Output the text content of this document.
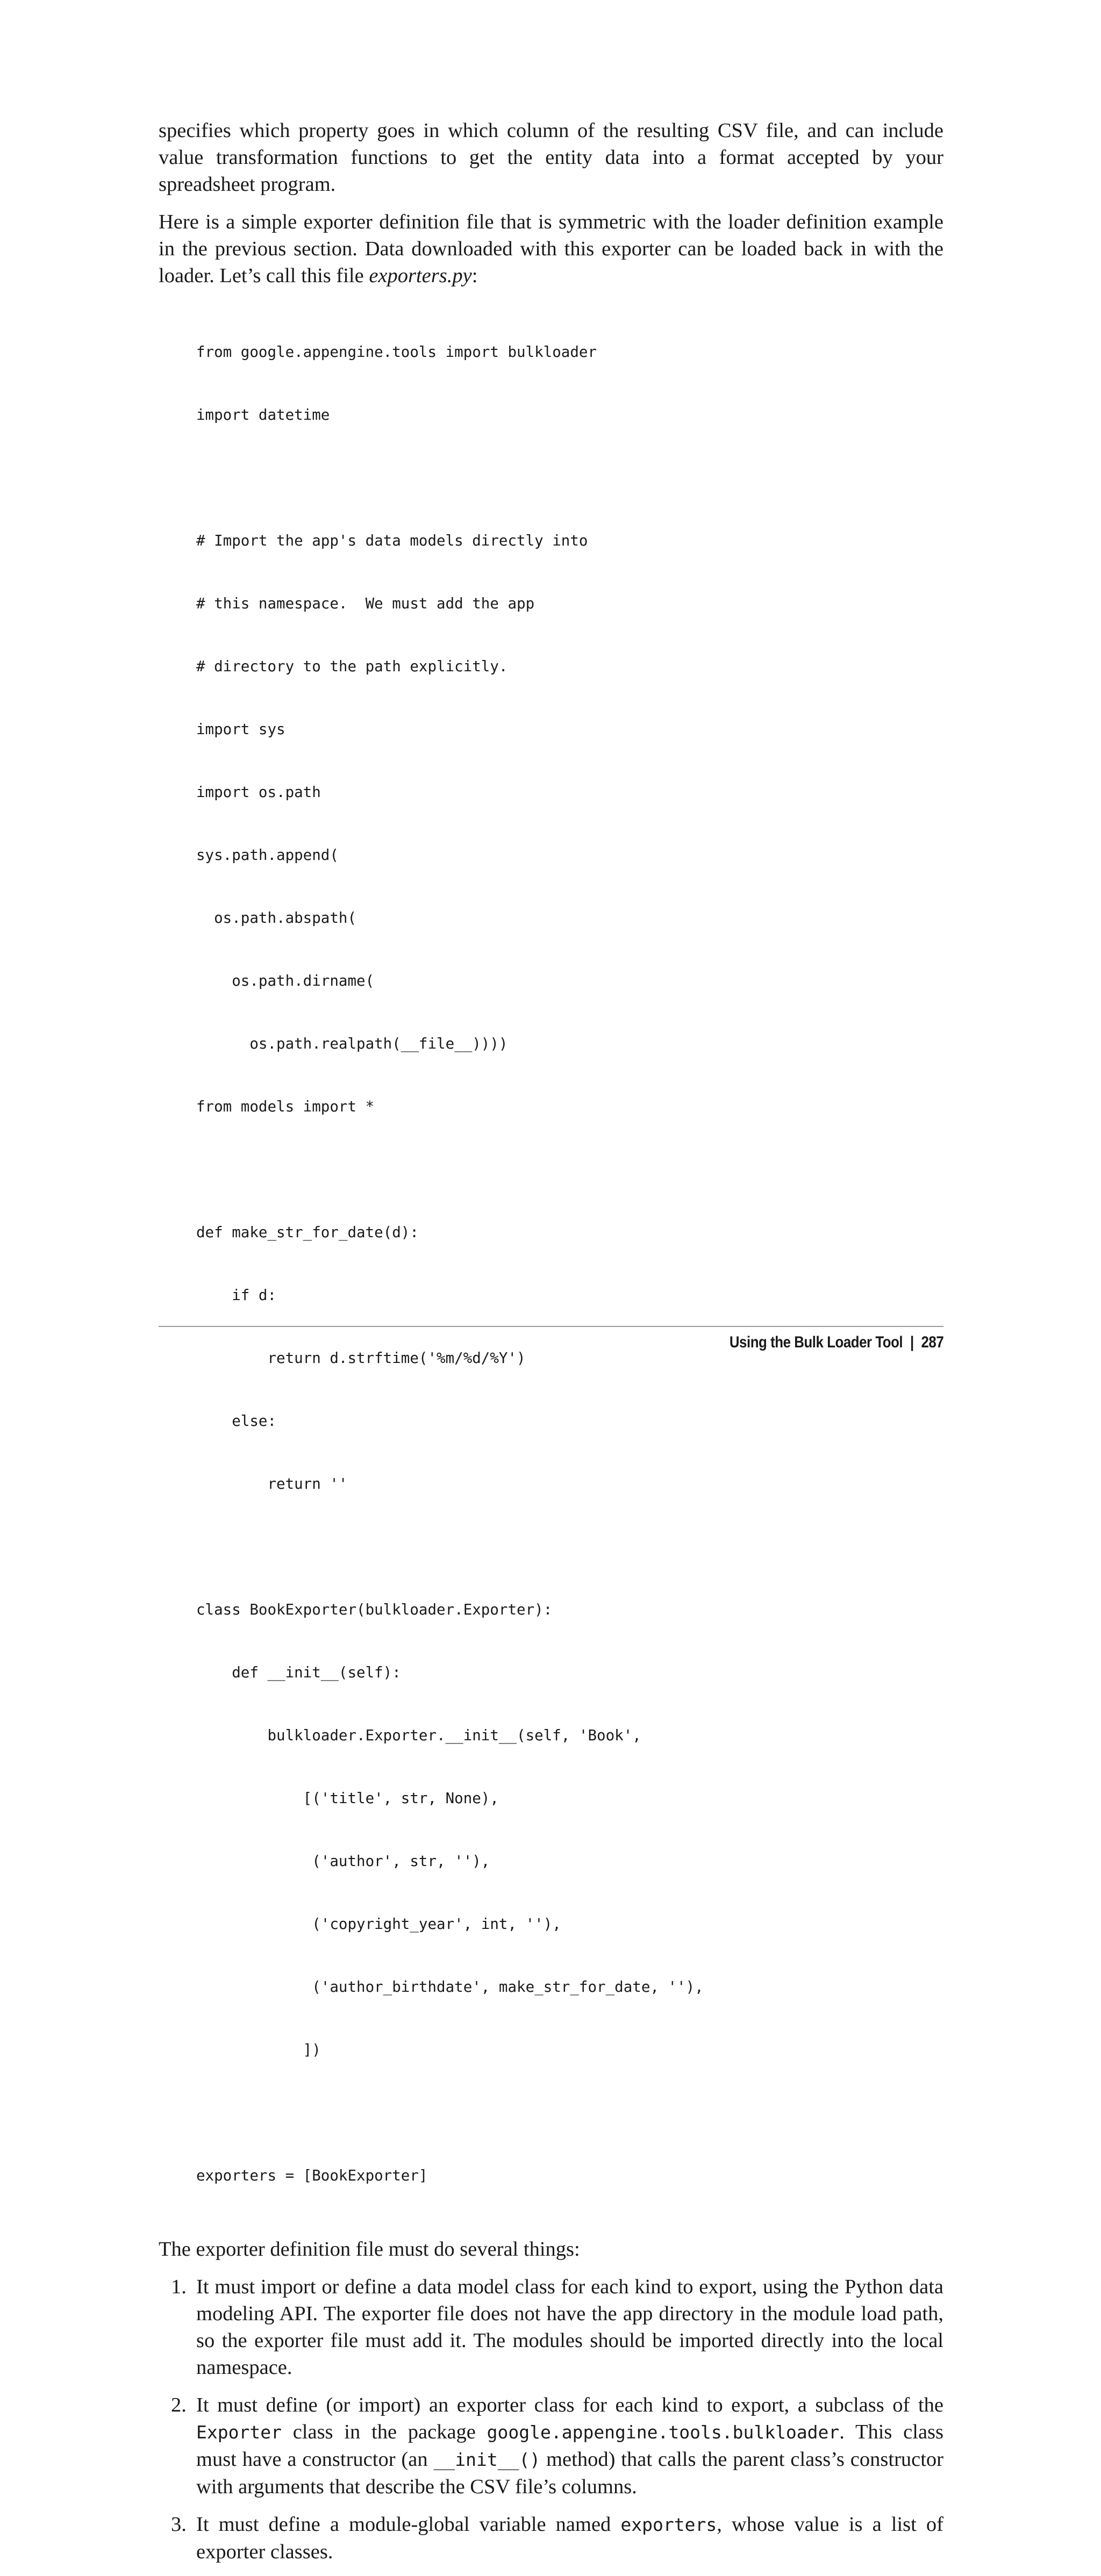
specifies which property goes in which column of the resulting CSV file, and can include value transformation functions to get the entity data into a format accepted by your spreadsheet program.

Here is a simple exporter definition file that is symmetric with the loader definition example in the previous section. Data downloaded with this exporter can be loaded back in with the loader. Let’s call this file exporters.py:

from google.appengine.tools import bulkloader

import datetime

# Import the app's data models directly into

# this namespace.  We must add the app

# directory to the path explicitly.

import sys

import os.path

sys.path.append(

os.path.abspath(

os.path.dirname(

os.path.realpath(__file__))))

from models import *

def make_str_for_date(d):

if d:

return d.strftime('%m/%d/%Y')

else:

return ''

class BookExporter(bulkloader.Exporter):

def __init__(self):

bulkloader.Exporter.__init__(self, 'Book',

[('title', str, None),

('author', str, ''),

('copyright_year', int, ''),

('author_birthdate', make_str_for_date, ''),

])

exporters = [BookExporter]

The exporter definition file must do several things:

1. It must import or define a data model class for each kind to export, using the Python data modeling API. The exporter file does not have the app directory in the module load path, so the exporter file must add it. The modules should be imported directly into the local namespace.
2. It must define (or import) an exporter class for each kind to export, a subclass of the Exporter class in the package google.appengine.tools.bulkloader. This class must have a constructor (an __init__() method) that calls the parent class’s constructor with arguments that describe the CSV file’s columns.
3. It must define a module-global variable named exporters, whose value is a list of exporter classes.
Using the Bulk Loader Tool | 287
